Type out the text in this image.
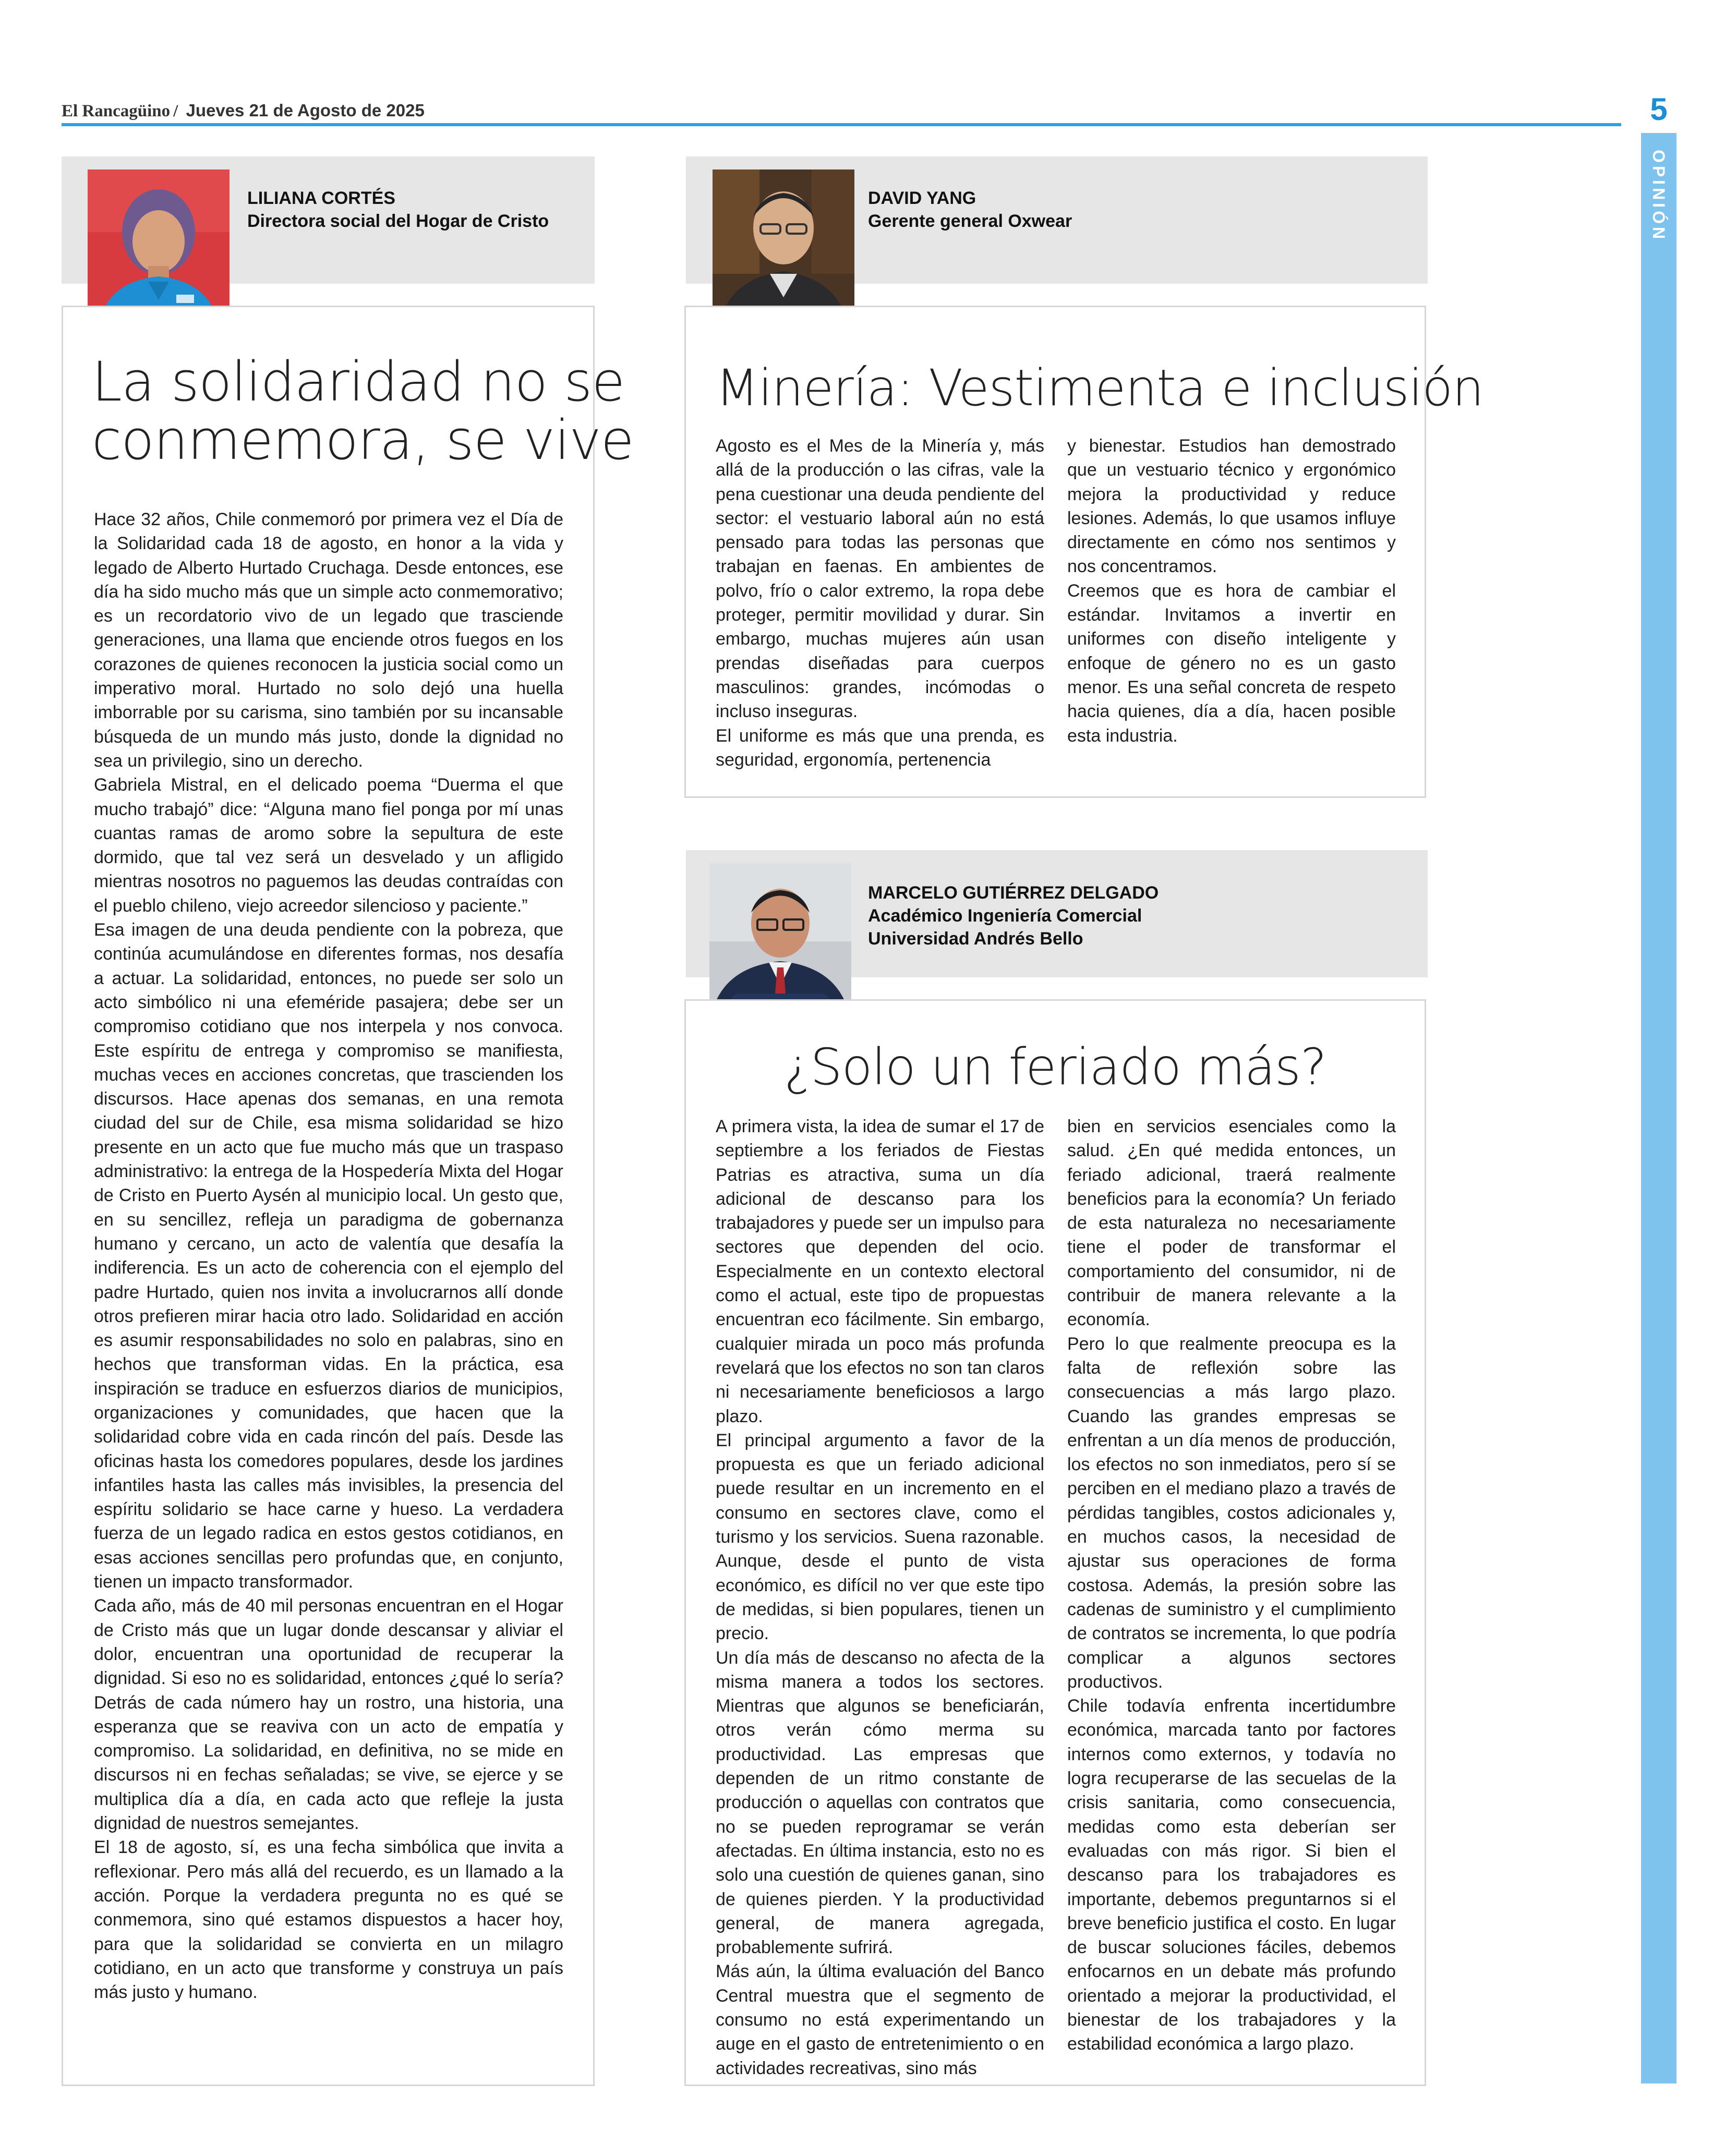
El Rancagüino / Jueves 21 de Agosto de 2025	5
OPINIÓN
LILIANA CORTÉS
Directora social del Hogar de Cristo
La solidaridad no se
conmemora, se vive

Hace 32 años, Chile conmemoró por primera vez el Día de la Solidaridad cada 18 de agosto, en honor a la vida y legado de Alberto Hurtado Cruchaga. Desde entonces, ese día ha sido mucho más que un simple acto conmemorativo; es un recordatorio vivo de un legado que trasciende generaciones, una llama que enciende otros fuegos en los corazones de quienes reconocen la justicia social como un imperativo moral. Hurtado no solo dejó una huella imborrable por su carisma, sino también por su incansable búsqueda de un mundo más justo, donde la dignidad no sea un privilegio, sino un derecho.

Gabriela Mistral, en el delicado poema “Duerma el que mucho trabajó” dice: “Alguna mano fiel ponga por mí unas cuantas ramas de aromo sobre la sepultura de este dormido, que tal vez será un desvelado y un afligido mientras nosotros no paguemos las deudas contraídas con el pueblo chileno, viejo acreedor silencioso y paciente.”

Esa imagen de una deuda pendiente con la pobreza, que continúa acumulándose en diferentes formas, nos desafía a actuar. La solidaridad, entonces, no puede ser solo un acto simbólico ni una efeméride pasajera; debe ser un compromiso cotidiano que nos interpela y nos convoca. Este espíritu de entrega y compromiso se manifiesta, muchas veces en acciones concretas, que trascienden los discursos. Hace apenas dos semanas, en una remota ciudad del sur de Chile, esa misma solidaridad se hizo presente en un acto que fue mucho más que un traspaso administrativo: la entrega de la Hospedería Mixta del Hogar de Cristo en Puerto Aysén al municipio local. Un gesto que, en su sencillez, refleja un paradigma de gobernanza humano y cercano, un acto de valentía que desafía la indiferencia. Es un acto de coherencia con el ejemplo del padre Hurtado, quien nos invita a involucrarnos allí donde otros prefieren mirar hacia otro lado. Solidaridad en acción es asumir responsabilidades no solo en palabras, sino en hechos que transforman vidas. En la práctica, esa inspiración se traduce en esfuerzos diarios de municipios, organizaciones y comunidades, que hacen que la solidaridad cobre vida en cada rincón del país. Desde las oficinas hasta los comedores populares, desde los jardines infantiles hasta las calles más invisibles, la presencia del espíritu solidario se hace carne y hueso. La verdadera fuerza de un legado radica en estos gestos cotidianos, en esas acciones sencillas pero profundas que, en conjunto, tienen un impacto transformador.

Cada año, más de 40 mil personas encuentran en el Hogar de Cristo más que un lugar donde descansar y aliviar el dolor, encuentran una oportunidad de recuperar la dignidad. Si eso no es solidaridad, entonces ¿qué lo sería? Detrás de cada número hay un rostro, una historia, una esperanza que se reaviva con un acto de empatía y compromiso. La solidaridad, en definitiva, no se mide en discursos ni en fechas señaladas; se vive, se ejerce y se multiplica día a día, en cada acto que refleje la justa dignidad de nuestros semejantes.

El 18 de agosto, sí, es una fecha simbólica que invita a reflexionar. Pero más allá del recuerdo, es un llamado a la acción. Porque la verdadera pregunta no es qué se conmemora, sino qué estamos dispuestos a hacer hoy, para que la solidaridad se convierta en un milagro cotidiano, en un acto que transforme y construya un país más justo y humano.

DAVID YANG
Gerente general Oxwear
Minería: Vestimenta e inclusión

Agosto es el Mes de la Minería y, más allá de la producción o las cifras, vale la pena cuestionar una deuda pendiente del sector: el vestuario laboral aún no está pensado para todas las personas que trabajan en faenas. En ambientes de polvo, frío o calor extremo, la ropa debe proteger, permitir movilidad y durar. Sin embargo, muchas mujeres aún usan prendas diseñadas para cuerpos masculinos: grandes, incómodas o incluso inseguras.

El uniforme es más que una prenda, es seguridad, ergonomía, pertenencia

y bienestar. Estudios han demostrado que un vestuario técnico y ergonómico mejora la productividad y reduce lesiones. Además, lo que usamos influye directamente en cómo nos sentimos y nos concentramos.

Creemos que es hora de cambiar el estándar. Invitamos a invertir en uniformes con diseño inteligente y enfoque de género no es un gasto menor. Es una señal concreta de respeto hacia quienes, día a día, hacen posible esta industria.

MARCELO GUTIÉRREZ DELGADO
Académico Ingeniería Comercial
Universidad Andrés Bello
¿Solo un feriado más?

A primera vista, la idea de sumar el 17 de septiembre a los feriados de Fiestas Patrias es atractiva, suma un día adicional de descanso para los trabajadores y puede ser un impulso para sectores que dependen del ocio. Especialmente en un contexto electoral como el actual, este tipo de propuestas encuentran eco fácilmente. Sin embargo, cualquier mirada un poco más profunda revelará que los efectos no son tan claros ni necesariamente beneficiosos a largo plazo.

El principal argumento a favor de la propuesta es que un feriado adicional puede resultar en un incremento en el consumo en sectores clave, como el turismo y los servicios. Suena razonable. Aunque, desde el punto de vista económico, es difícil no ver que este tipo de medidas, si bien populares, tienen un precio.

Un día más de descanso no afecta de la misma manera a todos los sectores. Mientras que algunos se beneficiarán, otros verán cómo merma su productividad. Las empresas que dependen de un ritmo constante de producción o aquellas con contratos que no se pueden reprogramar se verán afectadas. En última instancia, esto no es solo una cuestión de quienes ganan, sino de quienes pierden. Y la productividad general, de manera agregada, probablemente sufrirá.

Más aún, la última evaluación del Banco Central muestra que el segmento de consumo no está experimentando un auge en el gasto de entretenimiento o en actividades recreativas, sino más

bien en servicios esenciales como la salud. ¿En qué medida entonces, un feriado adicional, traerá realmente beneficios para la economía? Un feriado de esta naturaleza no necesariamente tiene el poder de transformar el comportamiento del consumidor, ni de contribuir de manera relevante a la economía.

Pero lo que realmente preocupa es la falta de reflexión sobre las consecuencias a más largo plazo. Cuando las grandes empresas se enfrentan a un día menos de producción, los efectos no son inmediatos, pero sí se perciben en el mediano plazo a través de pérdidas tangibles, costos adicionales y, en muchos casos, la necesidad de ajustar sus operaciones de forma costosa. Además, la presión sobre las cadenas de suministro y el cumplimiento de contratos se incrementa, lo que podría complicar a algunos sectores productivos.

Chile todavía enfrenta incertidumbre económica, marcada tanto por factores internos como externos, y todavía no logra recuperarse de las secuelas de la crisis sanitaria, como consecuencia, medidas como esta deberían ser evaluadas con más rigor. Si bien el descanso para los trabajadores es importante, debemos preguntarnos si el breve beneficio justifica el costo. En lugar de buscar soluciones fáciles, debemos enfocarnos en un debate más profundo orientado a mejorar la productividad, el bienestar de los trabajadores y la estabilidad económica a largo plazo.
